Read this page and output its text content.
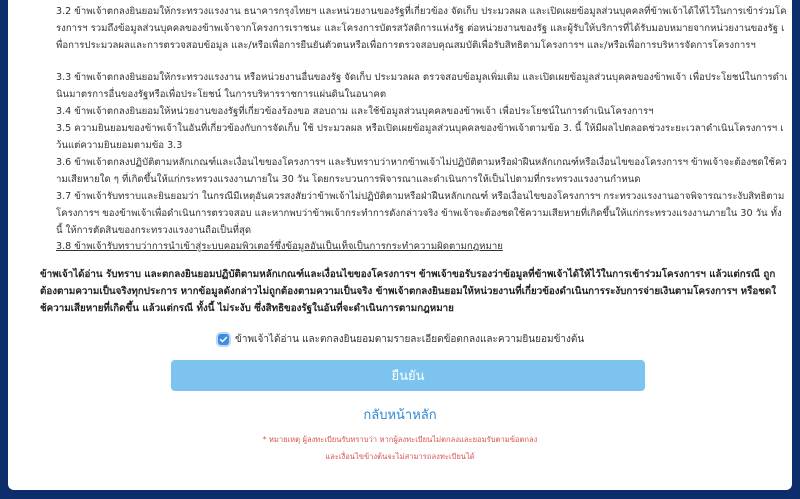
3.2 ข้าพเจ้าตกลงยินยอมให้กระทรวงแรงงาน ธนาคารกรุงไทยฯ และหน่วยงานของรัฐที่เกี่ยวข้อง จัดเก็บ ประมวลผล และเปิดเผยข้อมูลส่วนบุคคลที่ข้าพเจ้าได้ให้ไว้ในการเข้าร่วมโครงการฯ รวมถึงข้อมูลส่วนบุคคลของข้าพเจ้าจากโครงการเราชนะ และโครงการบัตรสวัสดิการแห่งรัฐ ต่อหน่วยงานของรัฐ และผู้รับให้บริการที่ได้รับมอบหมายจากหน่วยงานของรัฐ เพื่อการประมวลผลและการตรวจสอบข้อมูล และ/หรือเพื่อการยืนยันตัวตนหรือเพื่อการตรวจสอบคุณสมบัติเพื่อรับสิทธิตามโครงการฯ และ/หรือเพื่อการบริหารจัดการโครงการฯ

3.3 ข้าพเจ้าตกลงยินยอมให้กระทรวงแรงงาน หรือหน่วยงานอื่นของรัฐ จัดเก็บ ประมวลผล ตรวจสอบข้อมูลเพิ่มเติม และเปิดเผยข้อมูลส่วนบุคคลของข้าพเจ้า เพื่อประโยชน์ในการดำเนินมาตรการอื่นของรัฐหรือเพื่อประโยชน์ ในการบริหารราชการแผ่นดินในอนาคต

3.4 ข้าพเจ้าตกลงยินยอมให้หน่วยงานของรัฐที่เกี่ยวข้องร้องขอ สอบถาม และใช้ข้อมูลส่วนบุคคลของข้าพเจ้า เพื่อประโยชน์ในการดำเนินโครงการฯ

3.5 ความยินยอมของข้าพเจ้าในอันที่เกี่ยวข้องกับการจัดเก็บ ใช้ ประมวลผล หรือเปิดเผยข้อมูลส่วนบุคคลของข้าพเจ้าตามข้อ 3. นี้ ให้มีผลไปตลอดช่วงระยะเวลาดำเนินโครงการฯ เว้นแต่ความยินยอมตามข้อ 3.3

3.6 ข้าพเจ้าตกลงปฏิบัติตามหลักเกณฑ์และเงื่อนไขของโครงการฯ และรับทราบว่าหากข้าพเจ้าไม่ปฏิบัติตามหรือฝ่าฝืนหลักเกณฑ์หรือเงื่อนไขของโครงการฯ ข้าพเจ้าจะต้องชดใช้ความเสียหายใด ๆ ที่เกิดขึ้นให้แก่กระทรวงแรงงานภายใน 30 วัน โดยกระบวนการพิจารณาและดำเนินการให้เป็นไปตามที่กระทรวงแรงงานกำหนด

3.7 ข้าพเจ้ารับทราบและยินยอมว่า ในกรณีมีเหตุอันควรสงสัยว่าข้าพเจ้าไม่ปฏิบัติตามหรือฝ่าฝืนหลักเกณฑ์ หรือเงื่อนไขของโครงการฯ กระทรวงแรงงานอาจพิจารณาระงับสิทธิตามโครงการฯ ของข้าพเจ้าเพื่อดำเนินการตรวจสอบ และหากพบว่าข้าพเจ้ากระทำการดังกล่าวจริง ข้าพเจ้าจะต้องชดใช้ความเสียหายที่เกิดขึ้นให้แก่กระทรวงแรงงานภายใน 30 วัน ทั้งนี้ ให้การตัดสินของกระทรวงแรงงานถือเป็นที่สุด

3.8 ข้าพเจ้ารับทราบว่าการนำเข้าสู่ระบบคอมพิวเตอร์ซึ่งข้อมูลอันเป็นเท็จเป็นการกระทำความผิดตามกฎหมาย

ข้าพเจ้าได้อ่าน รับทราบ และตกลงยินยอมปฏิบัติตามหลักเกณฑ์และเงื่อนไขของโครงการฯ ข้าพเจ้าขอรับรองว่าข้อมูลที่ข้าพเจ้าได้ให้ไว้ในการเข้าร่วมโครงการฯ แล้วแต่กรณี ถูกต้องตามความเป็นจริงทุกประการ หากข้อมูลดังกล่าวไม่ถูกต้องตามความเป็นจริง ข้าพเจ้าตกลงยินยอมให้หน่วยงานที่เกี่ยวข้องดำเนินการระงับการจ่ายเงินตามโครงการฯ หรือชดใช้ความเสียหายที่เกิดขึ้น แล้วแต่กรณี ทั้งนี้ ไม่ระงับ ซึ่งสิทธิของรัฐในอันที่จะดำเนินการตามกฎหมาย
ข้าพเจ้าได้อ่าน และตกลงยินยอมตามรายละเอียดข้อตกลงและความยินยอมข้างต้น
ยืนยัน
กลับหน้าหลัก
* หมายเหตุ ผู้ลงทะเบียนรับทราบว่า หากผู้ลงทะเบียนไม่ตกลงและยอมรับตามข้อตกลง
และเงื่อนไขข้างต้นจะไม่สามารถลงทะเบียนได้
